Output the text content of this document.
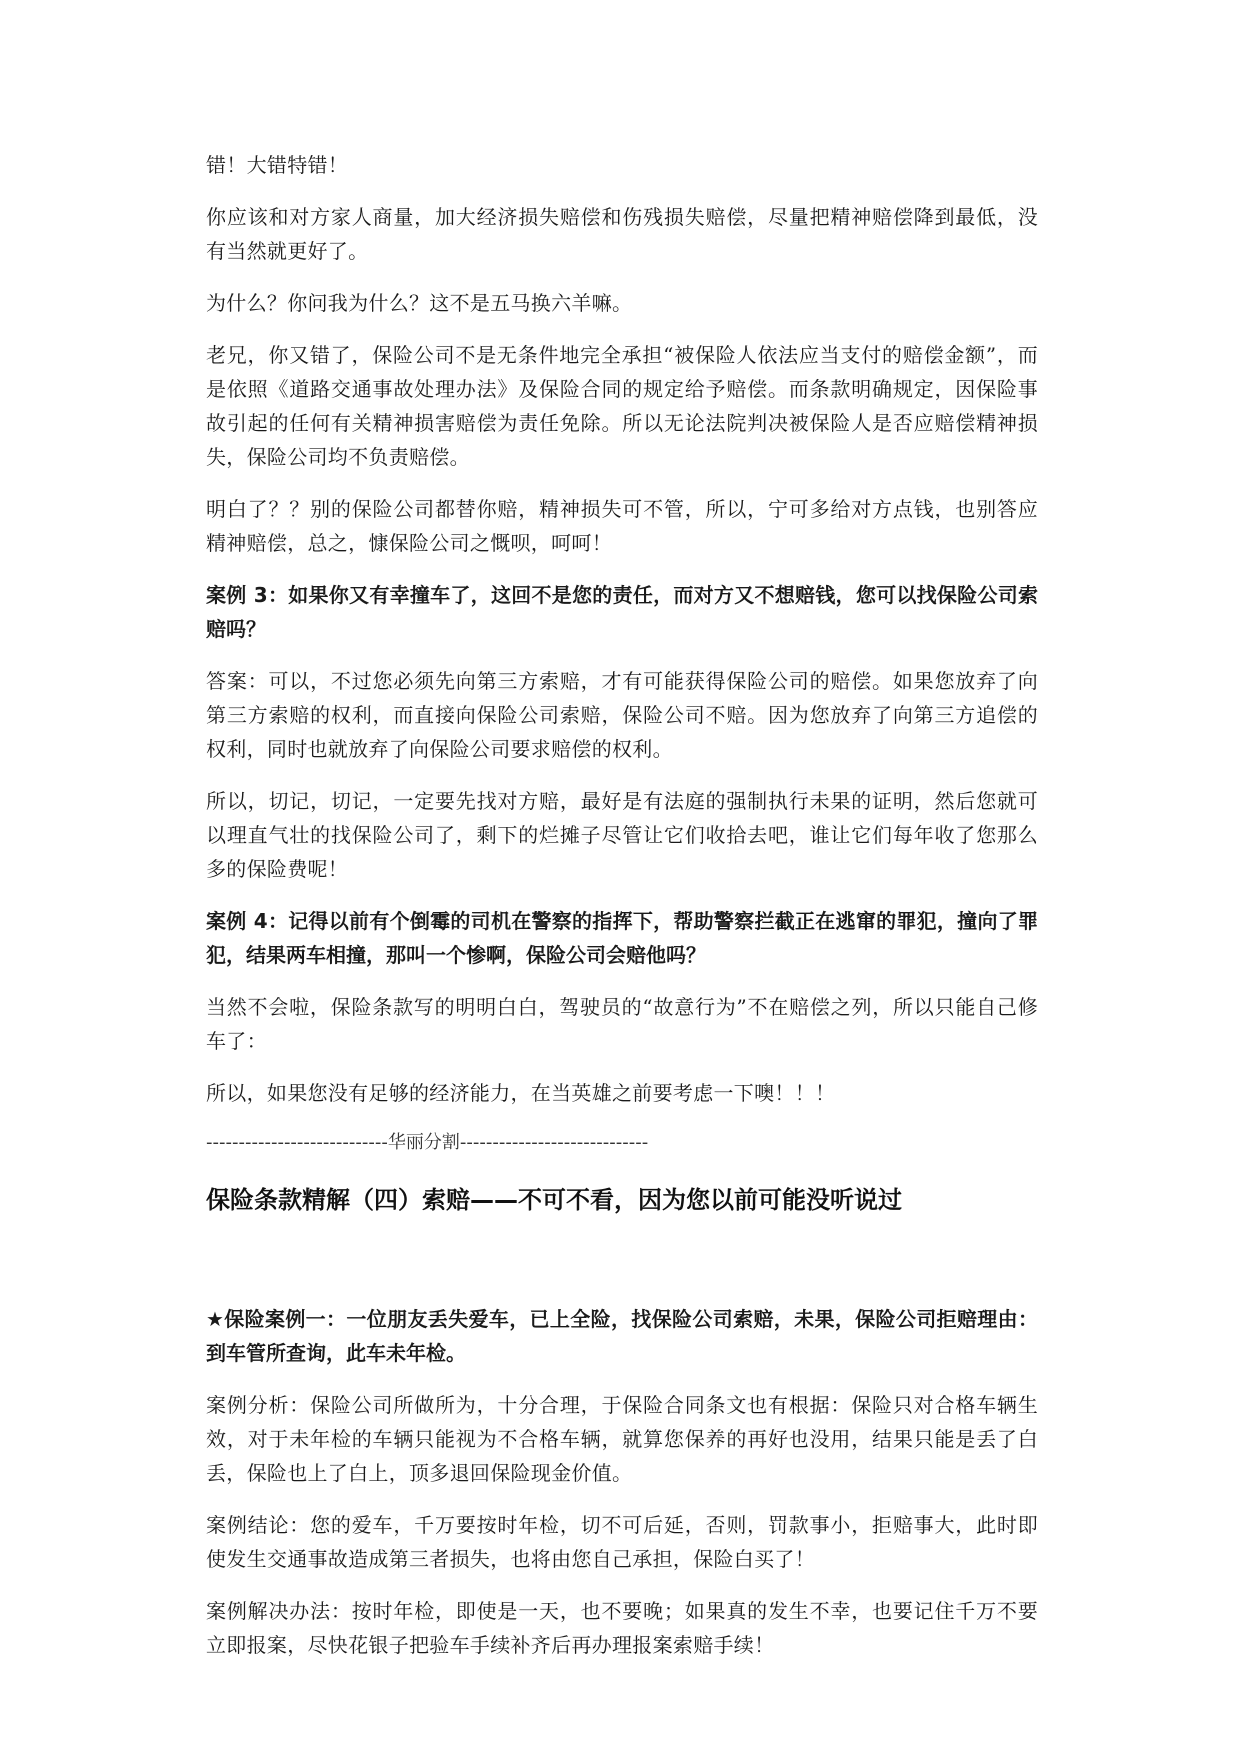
错！大错特错！

你应该和对方家人商量，加大经济损失赔偿和伤残损失赔偿，尽量把精神赔偿降到最低，没有当然就更好了。

为什么？你问我为什么？这不是五马换六羊嘛。

老兄，你又错了，保险公司不是无条件地完全承担“被保险人依法应当支付的赔偿金额”，而是依照《道路交通事故处理办法》及保险合同的规定给予赔偿。而条款明确规定，因保险事故引起的任何有关精神损害赔偿为责任免除。所以无论法院判决被保险人是否应赔偿精神损失，保险公司均不负责赔偿。

明白了？？别的保险公司都替你赔，精神损失可不管，所以，宁可多给对方点钱，也别答应精神赔偿，总之，慷保险公司之慨呗，呵呵！

案例 3：如果你又有幸撞车了，这回不是您的责任，而对方又不想赔钱，您可以找保险公司索赔吗？

答案：可以，不过您必须先向第三方索赔，才有可能获得保险公司的赔偿。如果您放弃了向第三方索赔的权利，而直接向保险公司索赔，保险公司不赔。因为您放弃了向第三方追偿的权利，同时也就放弃了向保险公司要求赔偿的权利。

所以，切记，切记，一定要先找对方赔，最好是有法庭的强制执行未果的证明，然后您就可以理直气壮的找保险公司了，剩下的烂摊子尽管让它们收拾去吧，谁让它们每年收了您那么多的保险费呢！

案例 4：记得以前有个倒霉的司机在警察的指挥下，帮助警察拦截正在逃窜的罪犯，撞向了罪犯，结果两车相撞，那叫一个惨啊，保险公司会赔他吗？

当然不会啦，保险条款写的明明白白，驾驶员的“故意行为”不在赔偿之列，所以只能自己修车了：

所以，如果您没有足够的经济能力，在当英雄之前要考虑一下噢！！！

----------------------------华丽分割-----------------------------
保险条款精解（四）索赔——不可不看，因为您以前可能没听说过

★保险案例一：一位朋友丢失爱车，已上全险，找保险公司索赔，未果，保险公司拒赔理由：到车管所查询，此车未年检。

案例分析：保险公司所做所为，十分合理，于保险合同条文也有根据：保险只对合格车辆生效，对于未年检的车辆只能视为不合格车辆，就算您保养的再好也没用，结果只能是丢了白丢，保险也上了白上，顶多退回保险现金价值。

案例结论：您的爱车，千万要按时年检，切不可后延，否则，罚款事小，拒赔事大，此时即使发生交通事故造成第三者损失，也将由您自己承担，保险白买了！

案例解决办法：按时年检，即使是一天，也不要晚；如果真的发生不幸，也要记住千万不要立即报案，尽快花银子把验车手续补齐后再办理报案索赔手续！
